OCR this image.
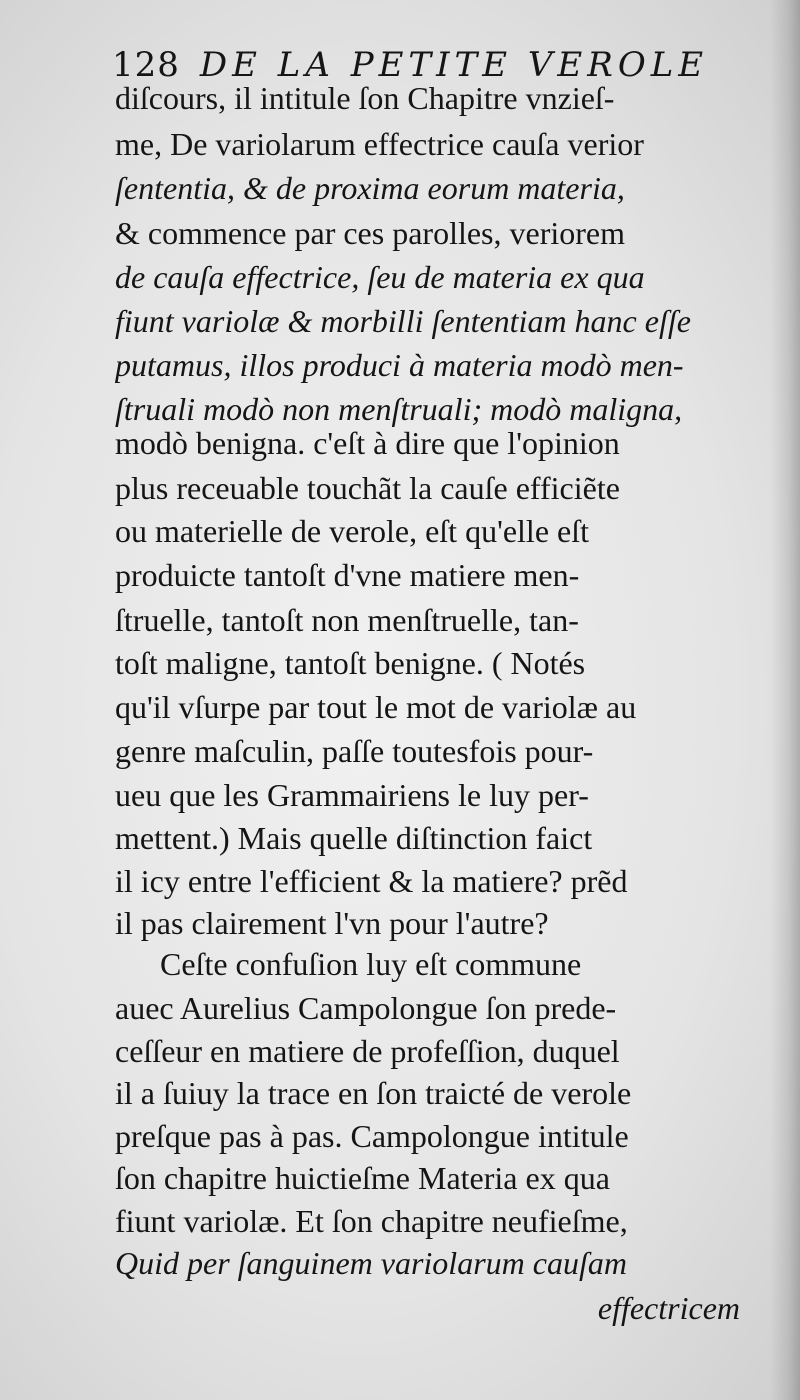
128 DE LA PETITE VEROLE
diſcours, il intitule ſon Chapitre vnzieſ-
me, De variolarum effectrice cauſa verior
ſententia, & de proxima eorum materia,
& commence par ces parolles, veriorem
de cauſa effectrice, ſeu de materia ex qua
fiunt variolæ & morbilli ſententiam hanc eſſe
putamus, illos produci à materia modò men-
ſtruali modò non menſtruali; modò maligna,
modò benigna. c'eſt à dire que l'opinion
plus receuable touchãt la cauſe efficiẽte
ou materielle de verole, eſt qu'elle eſt
produicte tantoſt d'vne matiere men-
ſtruelle, tantoſt non menſtruelle, tan-
toſt maligne, tantoſt benigne. ( Notés
qu'il vſurpe par tout le mot de variolæ au
genre maſculin, paſſe toutesfois pour-
ueu que les Grammairiens le luy per-
mettent.) Mais quelle diſtinction faict
il icy entre l'efficient & la matiere? prẽd
il pas clairement l'vn pour l'autre?
Ceſte confuſion luy eſt commune
auec Aurelius Campolongue ſon prede-
ceſſeur en matiere de profeſſion, duquel
il a ſuiuy la trace en ſon traicté de verole
preſque pas à pas. Campolongue intitule
ſon chapitre huictieſme Materia ex qua
fiunt variolæ. Et ſon chapitre neufieſme,
Quid per ſanguinem variolarum cauſam
effectricem
